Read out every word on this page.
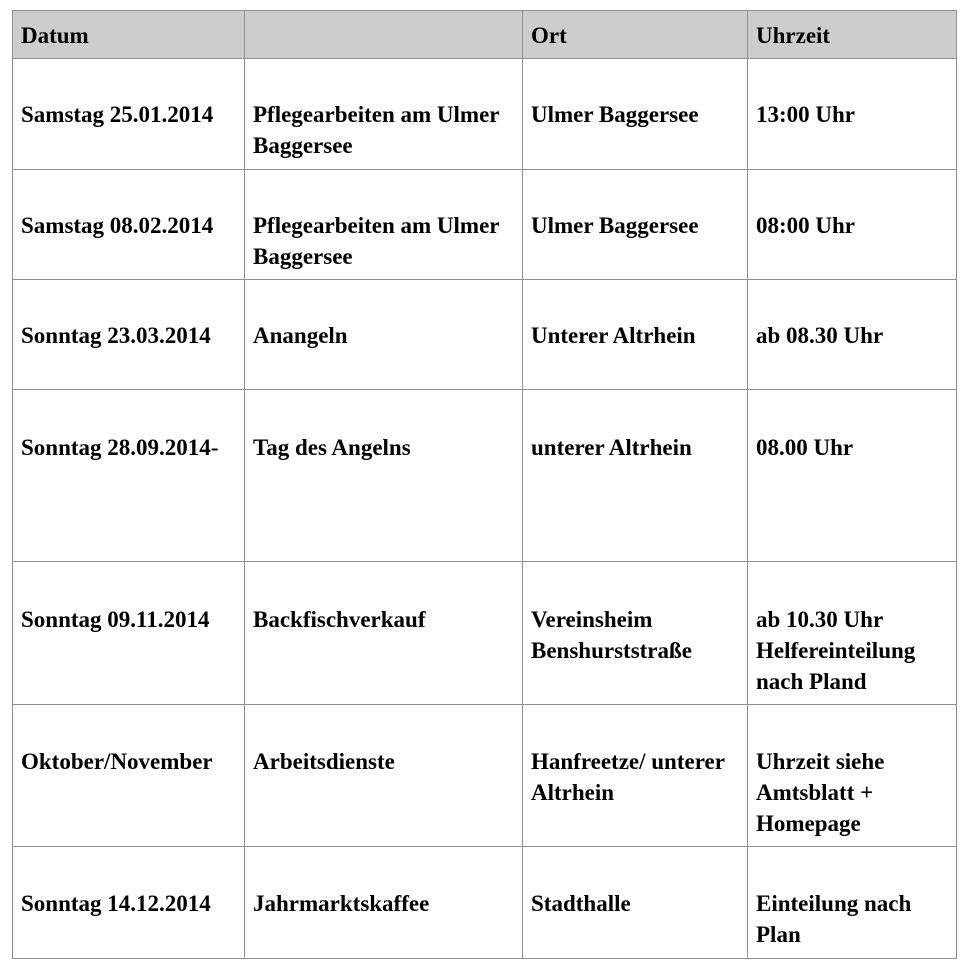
Datum		Ort	Uhrzeit
Samstag 25.01.2014	Pflegearbeiten am Ulmer Baggersee	Ulmer Baggersee	13:00 Uhr
Samstag 08.02.2014	Pflegearbeiten am Ulmer Baggersee	Ulmer Baggersee	08:00 Uhr
Sonntag 23.03.2014	Anangeln	Unterer Altrhein	ab 08.30 Uhr
Sonntag 28.09.2014-	Tag des Angelns	unterer Altrhein	08.00 Uhr
Sonntag 09.11.2014	Backfischverkauf	Vereinsheim Benshurststraße	ab 10.30 Uhr Helfereinteilung nach Pland
Oktober/November	Arbeitsdienste	Hanfreetze/ unterer Altrhein	Uhrzeit siehe Amtsblatt + Homepage
Sonntag 14.12.2014	Jahrmarktskaffee	Stadthalle	Einteilung nach Plan
